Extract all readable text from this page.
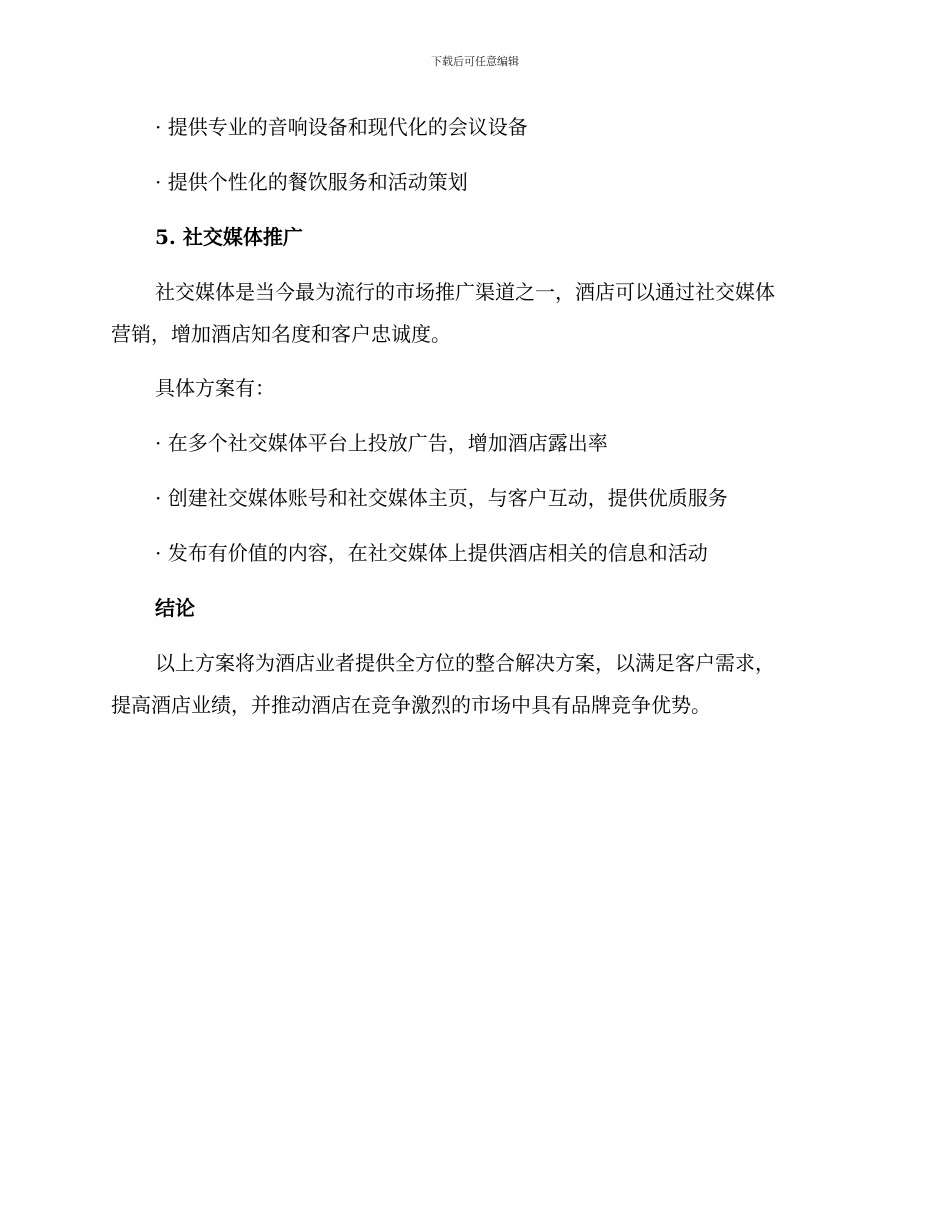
下载后可任意编辑
· 提供专业的音响设备和现代化的会议设备
· 提供个性化的餐饮服务和活动策划
5. 社交媒体推广
社交媒体是当今最为流行的市场推广渠道之一，酒店可以通过社交媒体
营销，增加酒店知名度和客户忠诚度。
具体方案有：
· 在多个社交媒体平台上投放广告，增加酒店露出率
· 创建社交媒体账号和社交媒体主页，与客户互动，提供优质服务
· 发布有价值的内容，在社交媒体上提供酒店相关的信息和活动
结论
以上方案将为酒店业者提供全方位的整合解决方案，以满足客户需求，
提高酒店业绩，并推动酒店在竞争激烈的市场中具有品牌竞争优势。
